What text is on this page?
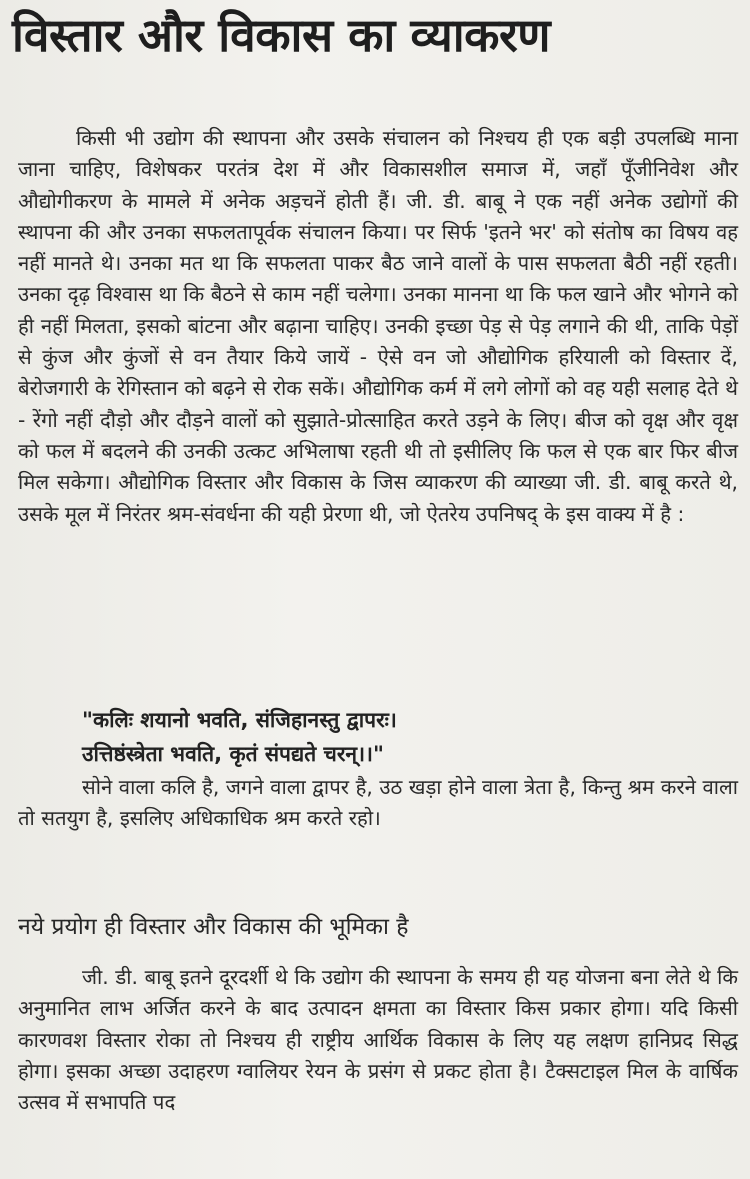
विस्तार और विकास का व्याकरण

किसी भी उद्योग की स्थापना और उसके संचालन को निश्चय ही एक बड़ी उपलब्धि माना जाना चाहिए, विशेषकर परतंत्र देश में और विकासशील समाज में, जहाँ पूँजीनिवेश और औद्योगीकरण के मामले में अनेक अड़चनें होती हैं। जी. डी. बाबू ने एक नहीं अनेक उद्योगों की स्थापना की और उनका सफलतापूर्वक संचालन किया। पर सिर्फ 'इतने भर' को संतोष का विषय वह नहीं मानते थे। उनका मत था कि सफलता पाकर बैठ जाने वालों के पास सफलता बैठी नहीं रहती। उनका दृढ़ विश्वास था कि बैठने से काम नहीं चलेगा। उनका मानना था कि फल खाने और भोगने को ही नहीं मिलता, इसको बांटना और बढ़ाना चाहिए। उनकी इच्छा पेड़ से पेड़ लगाने की थी, ताकि पेड़ों से कुंज और कुंजों से वन तैयार किये जायें - ऐसे वन जो औद्योगिक हरियाली को विस्तार दें, बेरोजगारी के रेगिस्तान को बढ़ने से रोक सकें। औद्योगिक कर्म में लगे लोगों को वह यही सलाह देते थे - रेंगो नहीं दौड़ो और दौड़ने वालों को सुझाते-प्रोत्साहित करते उड़ने के लिए। बीज को वृक्ष और वृक्ष को फल में बदलने की उनकी उत्कट अभिलाषा रहती थी तो इसीलिए कि फल से एक बार फिर बीज मिल सकेगा। औद्योगिक विस्तार और विकास के जिस व्याकरण की व्याख्या जी. डी. बाबू करते थे, उसके मूल में निरंतर श्रम-संवर्धना की यही प्रेरणा थी, जो ऐतरेय उपनिषद् के इस वाक्य में है :

"कलिः शयानो भवति, संजिहानस्तु द्वापरः।
उत्तिष्ठंस्त्रेता भवति, कृतं संपद्यते चरन्।।"

सोने वाला कलि है, जगने वाला द्वापर है, उठ खड़ा होने वाला त्रेता है, किन्तु श्रम करने वाला तो सतयुग है, इसलिए अधिकाधिक श्रम करते रहो।

नये प्रयोग ही विस्तार और विकास की भूमिका है

जी. डी. बाबू इतने दूरदर्शी थे कि उद्योग की स्थापना के समय ही यह योजना बना लेते थे कि अनुमानित लाभ अर्जित करने के बाद उत्पादन क्षमता का विस्तार किस प्रकार होगा। यदि किसी कारणवश विस्तार रोका तो निश्चय ही राष्ट्रीय आर्थिक विकास के लिए यह लक्षण हानिप्रद सिद्ध होगा। इसका अच्छा उदाहरण ग्वालियर रेयन के प्रसंग से प्रकट होता है। टैक्सटाइल मिल के वार्षिक उत्सव में सभापति पद
